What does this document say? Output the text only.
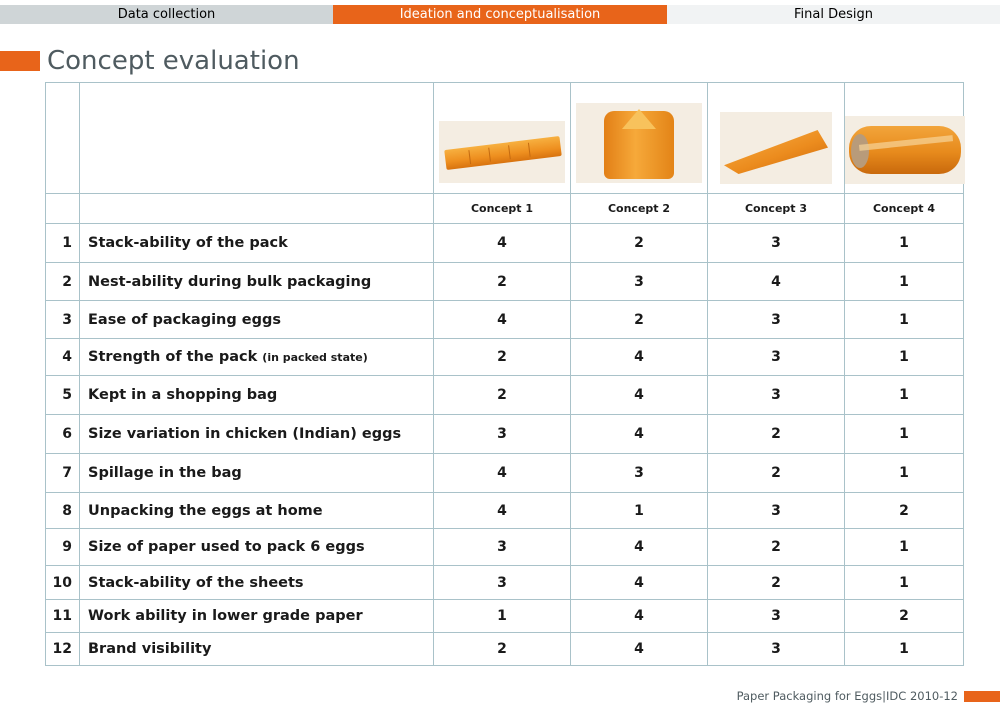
Data collection	Ideation and conceptualisation	Final Design
Concept evaluation

		Concept 1	Concept 2	Concept 3	Concept 4
1	Stack-ability of the pack	4	2	3	1
2	Nest-ability during bulk packaging	2	3	4	1
3	Ease of packaging eggs	4	2	3	1
4	Strength of the pack (in packed state)	2	4	3	1
5	Kept in a shopping bag	2	4	3	1
6	Size variation in chicken (Indian) eggs	3	4	2	1
7	Spillage in the bag	4	3	2	1
8	Unpacking the eggs at home	4	1	3	2
9	Size of paper used to pack 6 eggs	3	4	2	1
10	Stack-ability of the sheets	3	4	2	1
11	Work ability in lower grade paper	1	4	3	2
12	Brand visibility	2	4	3	1
Paper Packaging for Eggs|IDC 2010-12
